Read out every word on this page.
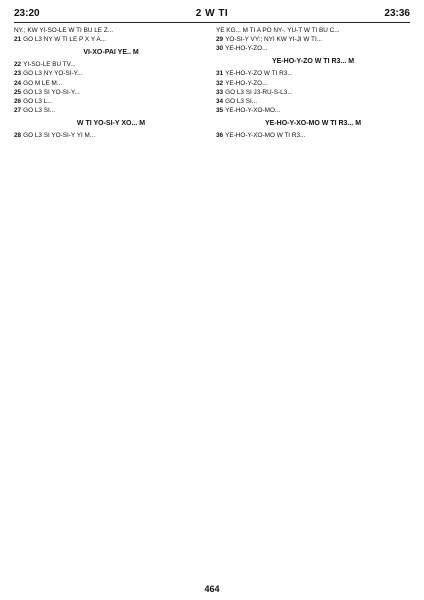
23:20	2 W TI	23:36

NY.; KW YI-SO-LE W TI BU LE Z...

21 GO L3 NY W TI LE P X Y A...

VI-XO-PAI YE.. M

22 YI-SO-LE BU TV...

23 GO L3 NY YO-SI-Y...

24 GO M LE M...

25 GO L3 SI YO-SI-Y...

26 GO L3 L...

27 GO L3 SI...

W TI YO-SI-Y XO... M

28 GO L3 SI YO-SI-Y YI M...

YE KG... M TI A PO NY-. YU-T W TI BU C...

29 YO-SI-Y VY:; NYI KW YI-JI W TI...

30 YE-HO-Y-ZO...

YE-HO-Y-ZO W TI R3... M

31 YE-HO-Y-ZO W TI R3...

32 YE-HO-Y-ZO...

33 GO L3 SI J3-RU-S-L3...

34 GO L3 SI...

35 YE-HO-Y-XO-MO...

YE-HO-Y-XO-MO W TI R3... M

36 YE-HO-Y-XO-MO W TI R3...

464
